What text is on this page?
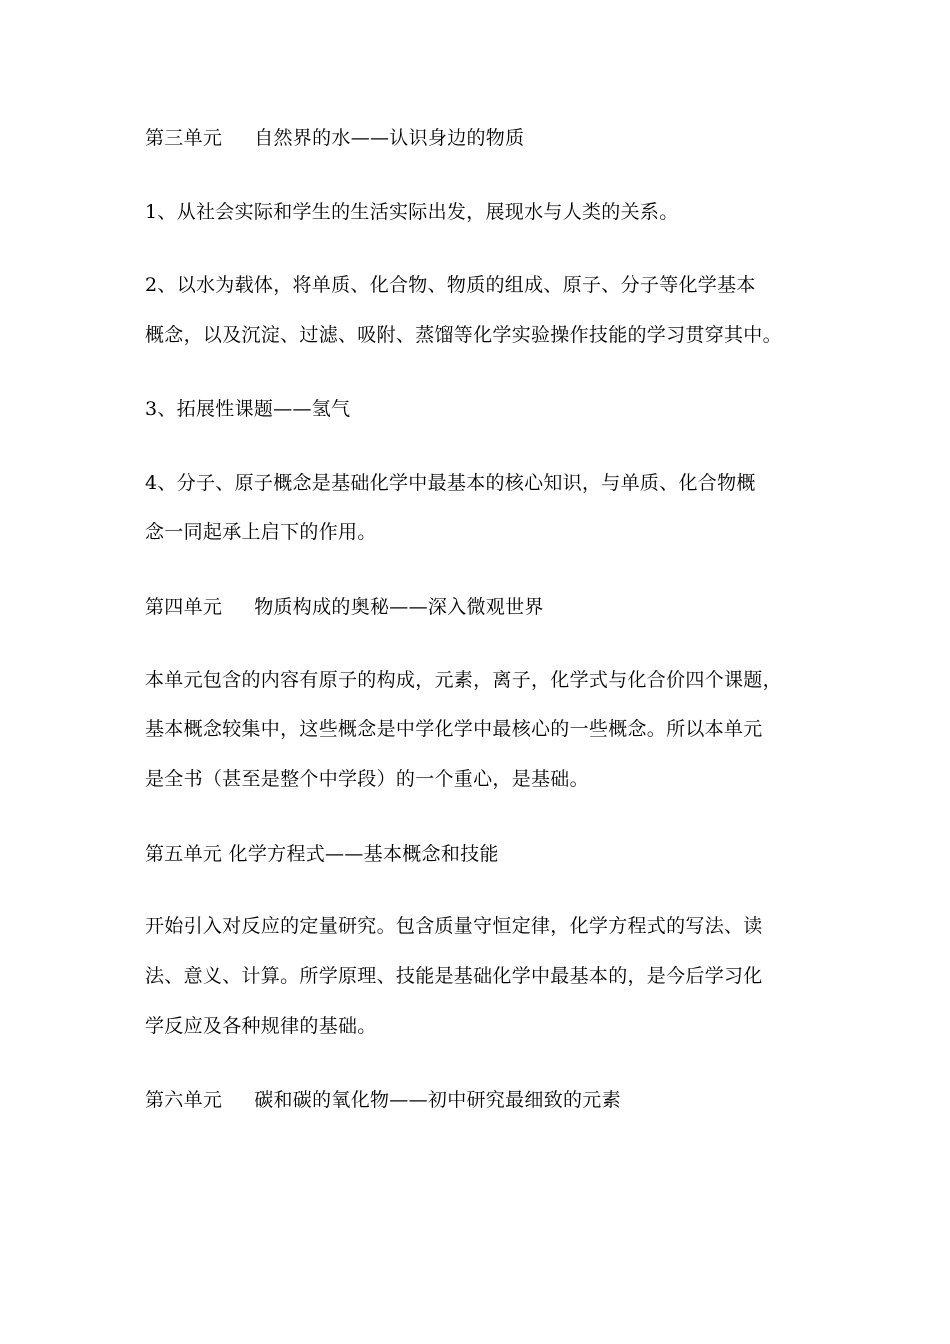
第三单元 自然界的水——认识身边的物质
1、从社会实际和学生的生活实际出发，展现水与人类的关系。
2、以水为载体，将单质、化合物、物质的组成、原子、分子等化学基本
概念，以及沉淀、过滤、吸附、蒸馏等化学实验操作技能的学习贯穿其中。
3、拓展性课题——氢气
4、分子、原子概念是基础化学中最基本的核心知识，与单质、化合物概
念一同起承上启下的作用。
第四单元 物质构成的奥秘——深入微观世界
本单元包含的内容有原子的构成，元素，离子，化学式与化合价四个课题，
基本概念较集中，这些概念是中学化学中最核心的一些概念。所以本单元
是全书（甚至是整个中学段）的一个重心，是基础。
第五单元 化学方程式——基本概念和技能
开始引入对反应的定量研究。包含质量守恒定律，化学方程式的写法、读
法、意义、计算。所学原理、技能是基础化学中最基本的，是今后学习化
学反应及各种规律的基础。
第六单元 碳和碳的氧化物——初中研究最细致的元素
